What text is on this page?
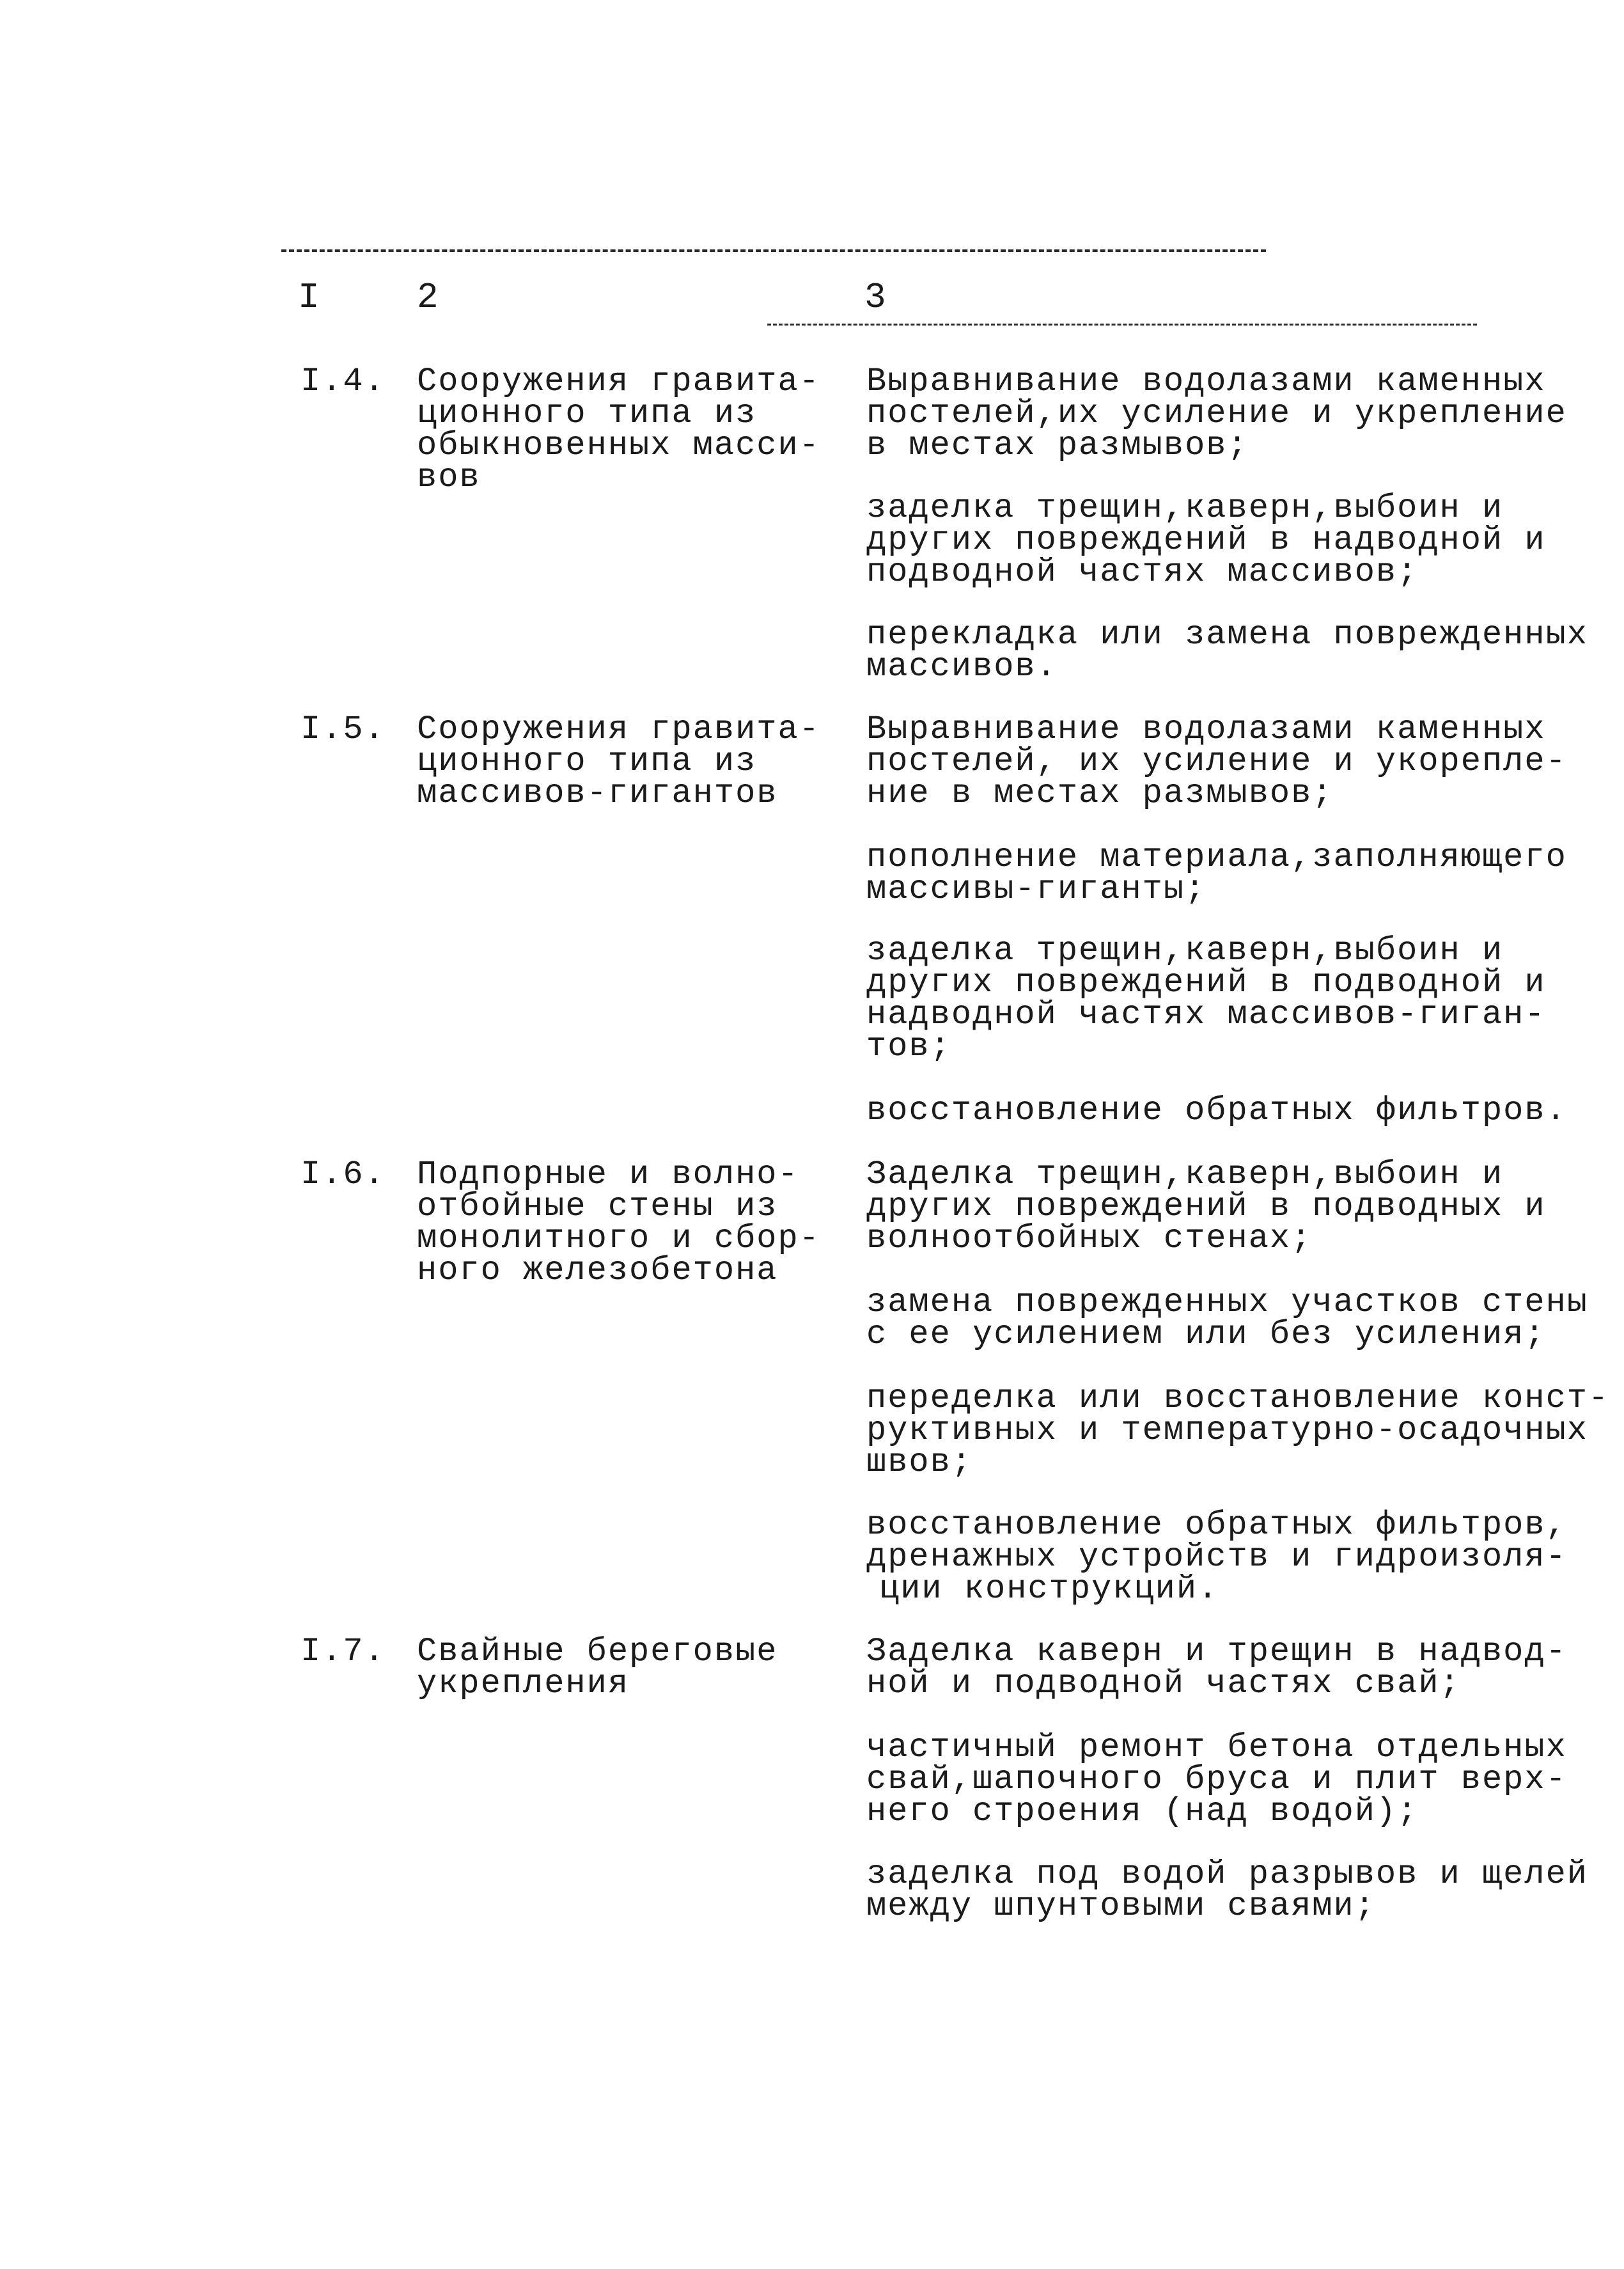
I	2	3
I.4. Сооружения гравита-
ционного типа из
обыкновенных масси-
вов
Выравнивание водолазами каменных
постелей,их усиление и укрепление
в местах размывов;
заделка трещин,каверн,выбоин и
других повреждений в надводной и
подводной частях массивов;
перекладка или замена поврежденных
массивов.
I.5. Сооружения гравита-
ционного типа из
массивов-гигантов
Выравнивание водолазами каменных
постелей, их усиление и укорепле-
ние в местах размывов;
пополнение материала,заполняющего
массивы-гиганты;
заделка трещин,каверн,выбоин и
других повреждений в подводной и
надводной частях массивов-гиган-
тов;
восстановление обратных фильтров.
I.6. Подпорные и волно-
отбойные стены из
монолитного и сбор-
ного железобетона
Заделка трещин,каверн,выбоин и
других повреждений в подводных и
волноотбойных стенах;
замена поврежденных участков стены
с ее усилением или без усиления;
переделка или восстановление конст-
руктивных и температурно-осадочных
швов;
восстановление обратных фильтров,
дренажных устройств и гидроизоля-
ции конструкций.
I.7. Свайные береговые
укрепления
Заделка каверн и трещин в надвод-
ной и подводной частях свай;
частичный ремонт бетона отдельных
свай,шапочного бруса и плит верх-
него строения (над водой);
заделка под водой разрывов и щелей
между шпунтовыми сваями;
